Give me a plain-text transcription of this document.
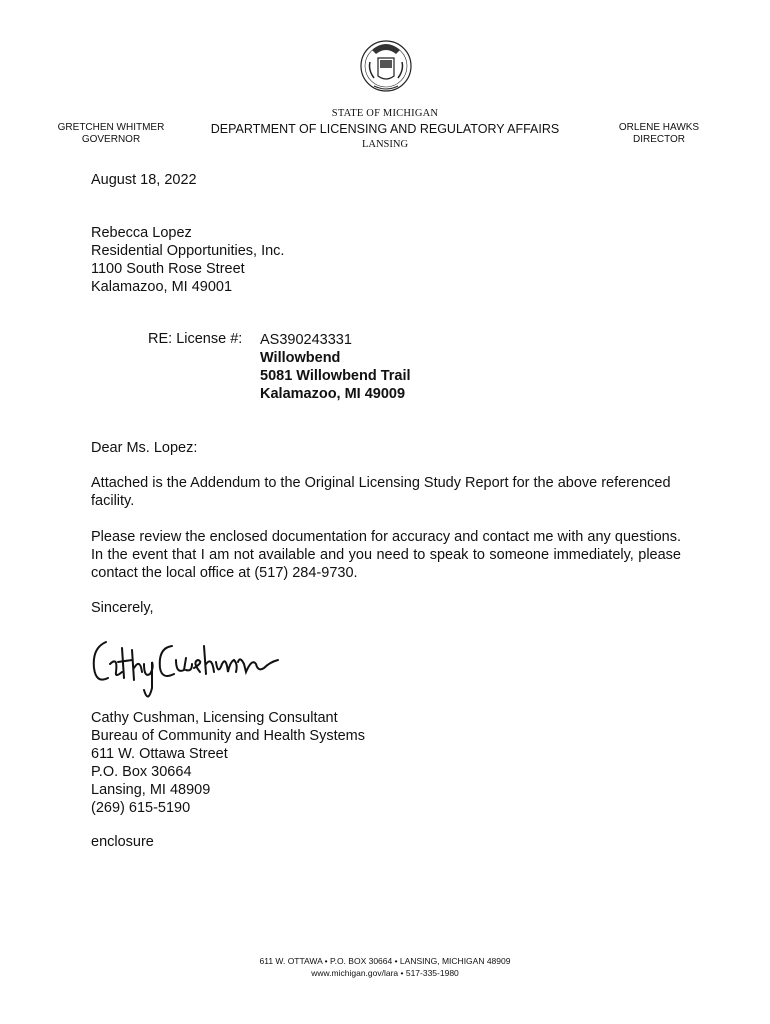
GRETCHEN WHITMER
GOVERNOR
STATE OF MICHIGAN
DEPARTMENT OF LICENSING AND REGULATORY AFFAIRS
LANSING
ORLENE HAWKS
DIRECTOR
August 18, 2022
Rebecca Lopez
Residential Opportunities, Inc.
1100 South Rose Street
Kalamazoo, MI 49001
RE: License #: AS390243331
Willowbend
5081 Willowbend Trail
Kalamazoo, MI 49009
Dear Ms. Lopez:
Attached is the Addendum to the Original Licensing Study Report for the above referenced facility.
Please review the enclosed documentation for accuracy and contact me with any questions. In the event that I am not available and you need to speak to someone immediately, please contact the local office at (517) 284-9730.
Sincerely,
Cathy Cushman, Licensing Consultant
Bureau of Community and Health Systems
611 W. Ottawa Street
P.O. Box 30664
Lansing, MI 48909
(269) 615-5190
enclosure
611 W. OTTAWA • P.O. BOX 30664 • LANSING, MICHIGAN 48909
www.michigan.gov/lara • 517-335-1980
